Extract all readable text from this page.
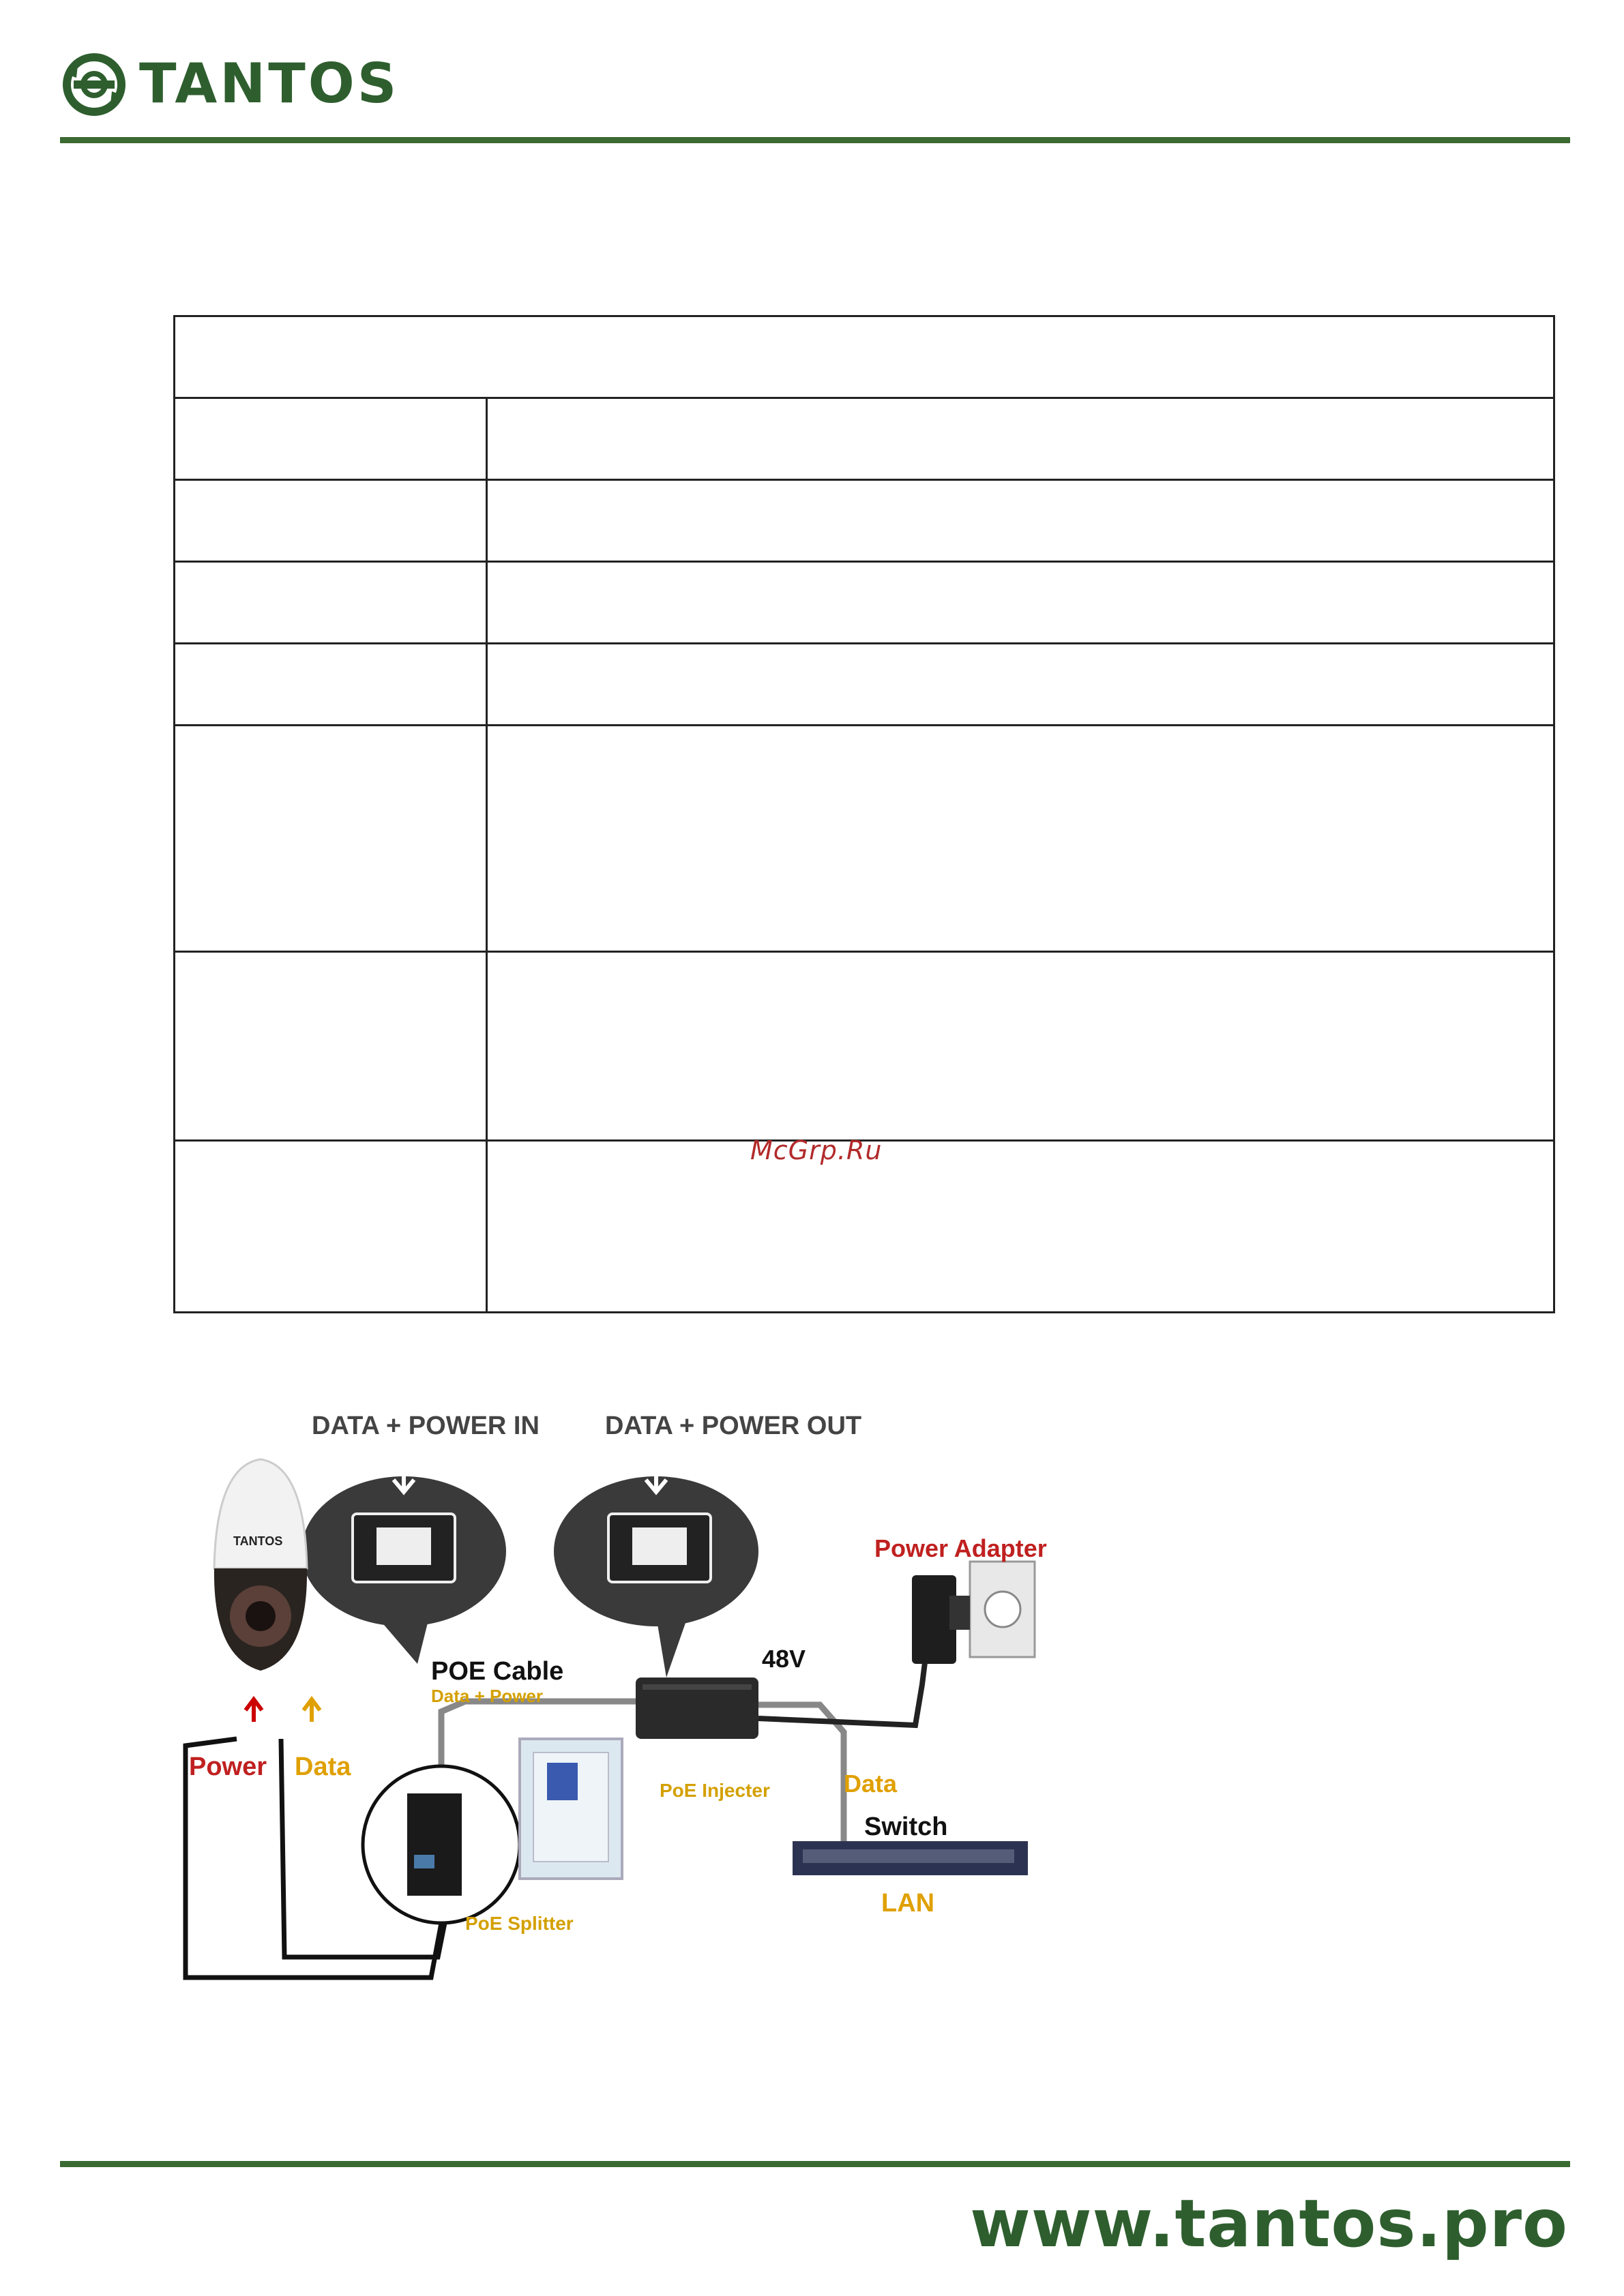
TANTOS
McGrp.Ru
DATA + POWER IN	DATA + POWER OUT
TANTOS
POE Cable
Data + Power
48V
Power Adapter
Power Data
PoE Injecter	Data
Switch
LAN
PoE Splitter
www.tantos.pro
